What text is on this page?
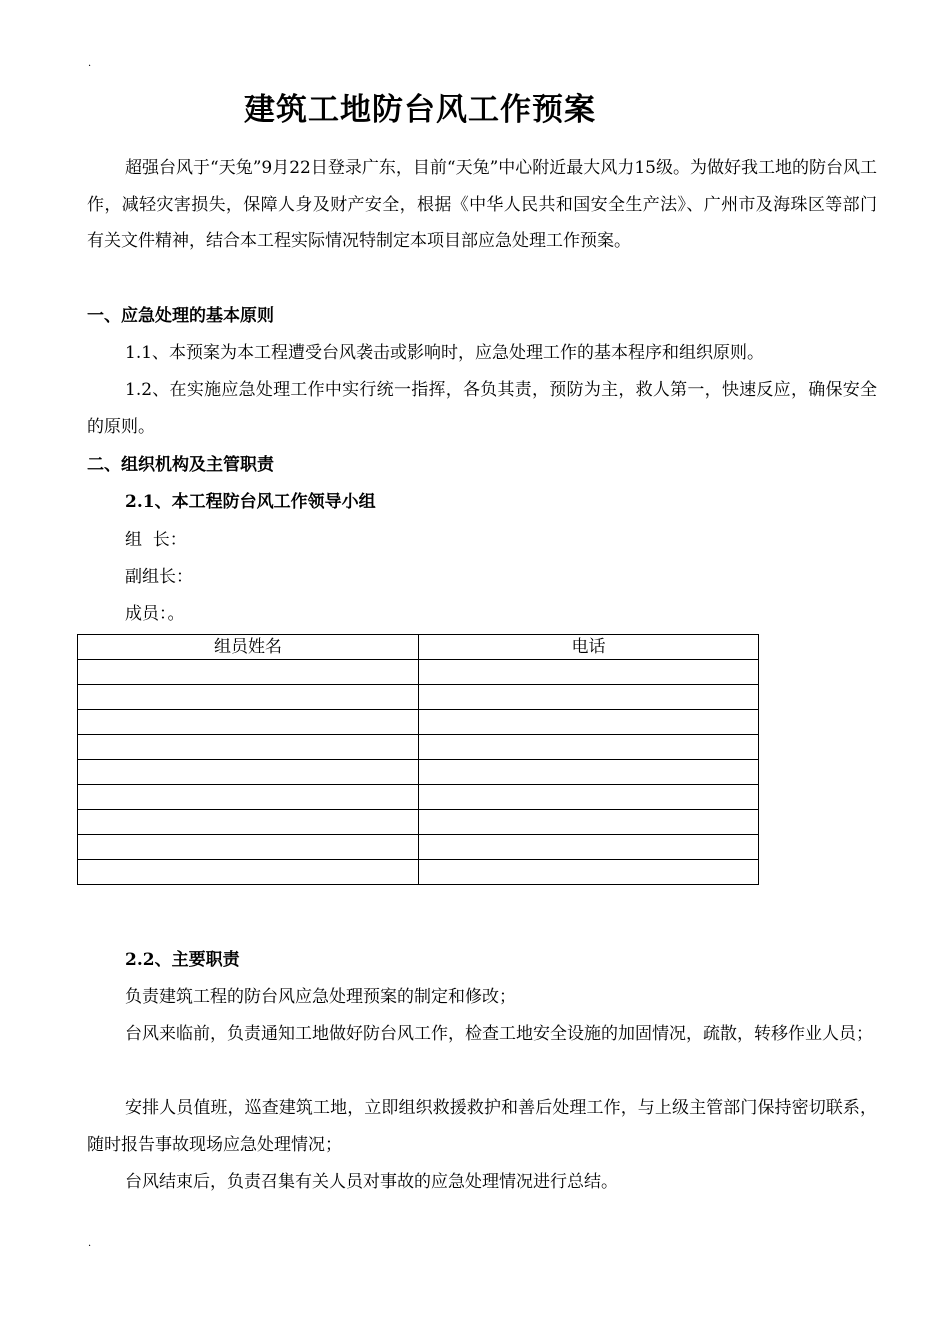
·
建筑工地防台风工作预案
超强台风于“天兔”9月22日登录广东，目前“天兔”中心附近最大风力15级。为做好我工地的防台风工作，减轻灾害损失，保障人身及财产安全，根据《中华人民共和国安全生产法》、广州市及海珠区等部门有关文件精神，结合本工程实际情况特制定本项目部应急处理工作预案。
一、应急处理的基本原则
1.1、本预案为本工程遭受台风袭击或影响时，应急处理工作的基本程序和组织原则。
1.2、在实施应急处理工作中实行统一指挥，各负其责，预防为主，救人第一，快速反应，确保安全的原则。
二、组织机构及主管职责
2.1、本工程防台风工作领导小组
组  长：
副组长：
成员：。
组员姓名	电话

2.2、主要职责
负责建筑工程的防台风应急处理预案的制定和修改；
台风来临前，负责通知工地做好防台风工作，检查工地安全设施的加固情况，疏散，转移作业人员；
安排人员值班，巡查建筑工地，立即组织救援救护和善后处理工作，与上级主管部门保持密切联系，随时报告事故现场应急处理情况；
台风结束后，负责召集有关人员对事故的应急处理情况进行总结。
·
